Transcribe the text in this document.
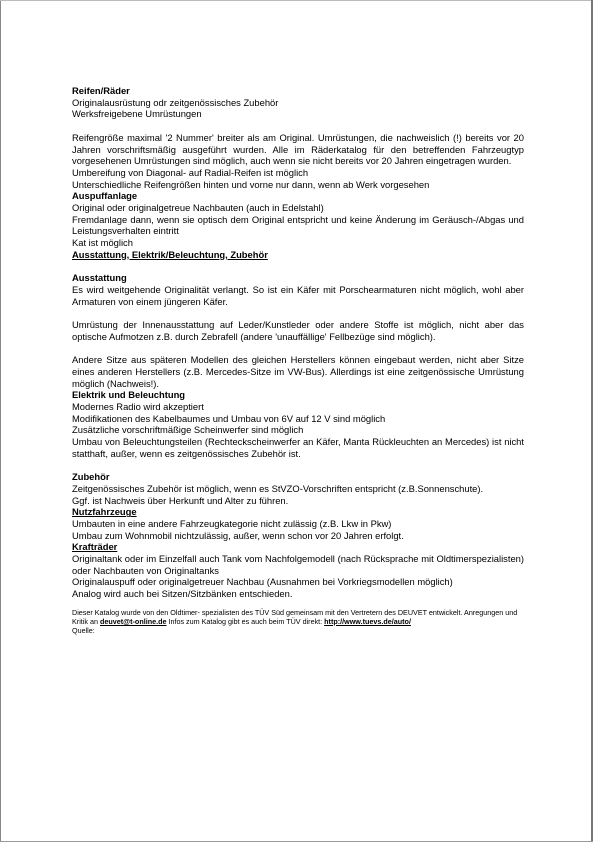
Reifen/Räder

Originalausrüstung odr zeitgenössisches Zubehör

Werksfreigebene Umrüstungen

Reifengröße maximal '2 Nummer' breiter als am Original. Umrüstungen, die nachweislich (!) bereits vor 20 Jahren vorschriftsmäßig ausgeführt wurden. Alle im Räderkatalog für den betreffenden Fahrzeugtyp vorgesehenen Umrüstungen sind möglich, auch wenn sie nicht bereits vor 20 Jahren eingetragen wurden.

Umbereifung von Diagonal- auf Radial-Reifen ist möglich

Unterschiedliche Reifengrößen hinten und vorne nur dann, wenn ab Werk vorgesehen

Auspuffanlage

Original oder originalgetreue Nachbauten (auch in Edelstahl)

Fremdanlage dann, wenn sie optisch dem Original entspricht und keine Änderung im Geräusch-/Abgas und Leistungsverhalten eintritt

Kat ist möglich

Ausstattung, Elektrik/Beleuchtung, Zubehör

Ausstattung

Es wird weitgehende Originalität verlangt. So ist ein Käfer mit Porschearmaturen nicht möglich, wohl aber Armaturen von einem jüngeren Käfer.

Umrüstung der Innenausstattung auf Leder/Kunstleder oder andere Stoffe ist möglich, nicht aber das optische Aufmotzen z.B. durch Zebrafell (andere 'unauffällige' Fellbezüge sind möglich).

Andere Sitze aus späteren Modellen des gleichen Herstellers können eingebaut werden, nicht aber Sitze eines anderen Herstellers (z.B. Mercedes-Sitze im VW-Bus). Allerdings ist eine zeitgenössische Umrüstung möglich (Nachweis!).

Elektrik und Beleuchtung

Modernes Radio wird akzeptiert

Modifikationen des Kabelbaumes und Umbau von 6V auf 12 V sind möglich

Zusätzliche vorschriftmäßige Scheinwerfer sind möglich

Umbau von Beleuchtungsteilen (Rechteckscheinwerfer an Käfer, Manta Rückleuchten an Mercedes) ist nicht statthaft, außer, wenn es zeitgenössisches Zubehör ist.

Zubehör

Zeitgenössisches Zubehör ist möglich, wenn es StVZO-Vorschriften entspricht (z.B.Sonnenschute).

Ggf. ist Nachweis über Herkunft und Alter zu führen.

Nutzfahrzeuge

Umbauten in eine andere Fahrzeugkategorie nicht zulässig (z.B. Lkw in Pkw)

Umbau zum Wohnmobil nichtzulässig, außer, wenn schon vor 20 Jahren erfolgt.

Krafträder

Originaltank oder im Einzelfall auch Tank vom Nachfolgemodell (nach Rücksprache mit Oldtimerspezialisten) oder Nachbauten von Originaltanks

Originalauspuff oder originalgetreuer Nachbau (Ausnahmen bei Vorkriegsmodellen möglich)

Analog wird auch bei Sitzen/Sitzbänken entschieden.

Dieser Katalog wurde von den Oldtimer- spezialisten des TÜV Süd gemeinsam mit den Vertretern des DEUVET entwickelt. Anregungen und Kritik an deuvet@t-online.de Infos zum Katalog gibt es auch beim TÜV direkt: http://www.tuevs.de/auto/
Quelle:
